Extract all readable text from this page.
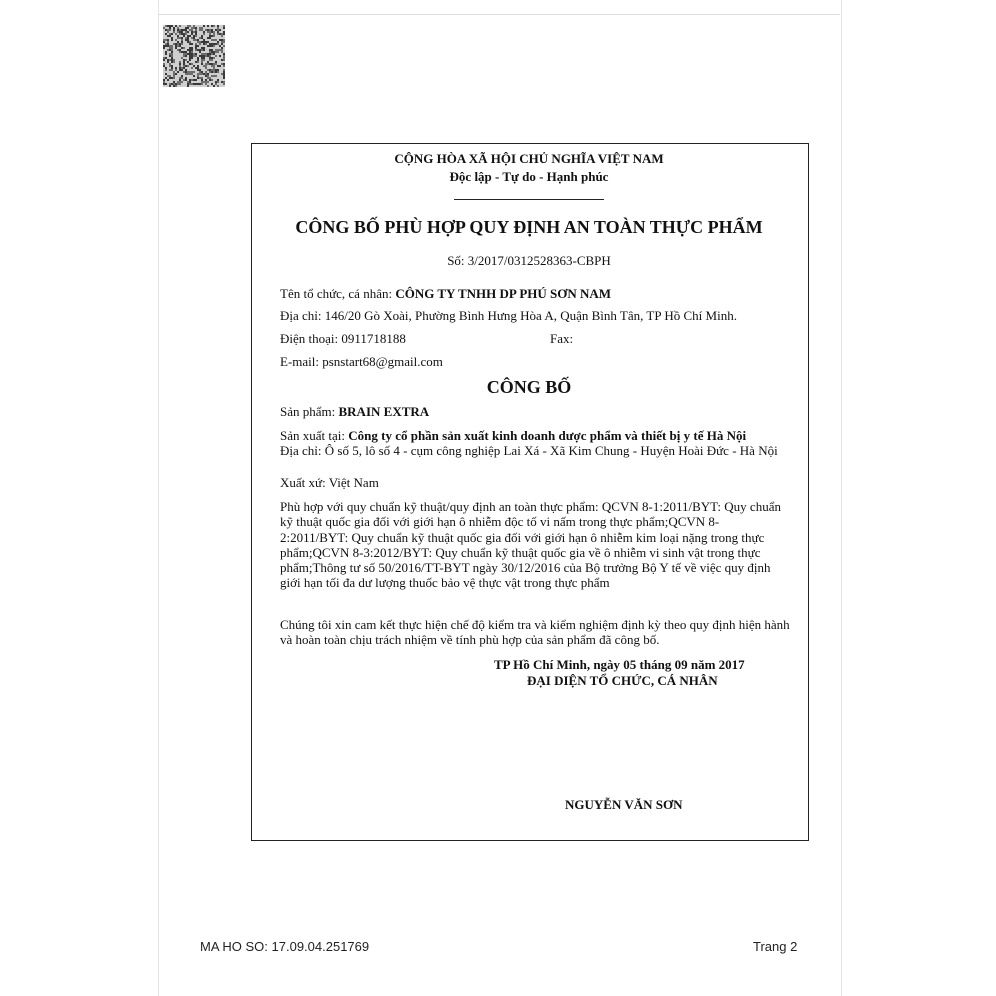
CỘNG HÒA XÃ HỘI CHỦ NGHĨA VIỆT NAM
Độc lập - Tự do - Hạnh phúc
CÔNG BỐ PHÙ HỢP QUY ĐỊNH AN TOÀN THỰC PHẨM
Số: 3/2017/0312528363-CBPH
Tên tổ chức, cá nhân: CÔNG TY TNHH DP PHÚ SƠN NAM
Địa chỉ: 146/20 Gò Xoài, Phường Bình Hưng Hòa A, Quận Bình Tân, TP Hồ Chí Minh.
Điện thoại: 0911718188	Fax:
E-mail: psnstart68@gmail.com
CÔNG BỐ
Sản phẩm: BRAIN EXTRA
Sản xuất tại: Công ty cổ phần sản xuất kinh doanh dược phẩm và thiết bị y tế Hà Nội
Địa chỉ: Ô số 5, lô số 4 - cụm công nghiệp Lai Xá - Xã Kim Chung - Huyện Hoài Đức - Hà Nội
Xuất xứ: Việt Nam
Phù hợp với quy chuẩn kỹ thuật/quy định an toàn thực phẩm: QCVN 8-1:2011/BYT: Quy chuẩn kỹ thuật quốc gia đối với giới hạn ô nhiễm độc tố vi nấm trong thực phẩm;QCVN 8-2:2011/BYT: Quy chuẩn kỹ thuật quốc gia đối với giới hạn ô nhiễm kim loại nặng trong thực phẩm;QCVN 8-3:2012/BYT: Quy chuẩn kỹ thuật quốc gia về ô nhiễm vi sinh vật trong thực phẩm;Thông tư số 50/2016/TT-BYT ngày 30/12/2016 của Bộ trưởng Bộ Y tế về việc quy định giới hạn tối đa dư lượng thuốc bảo vệ thực vật trong thực phẩm
Chúng tôi xin cam kết thực hiện chế độ kiểm tra và kiểm nghiệm định kỳ theo quy định hiện hành và hoàn toàn chịu trách nhiệm về tính phù hợp của sản phẩm đã công bố.
TP Hồ Chí Minh, ngày 05 tháng 09 năm 2017
ĐẠI DIỆN TỔ CHỨC, CÁ NHÂN
NGUYỄN VĂN SƠN
MA HO SO: 17.09.04.251769	Trang 2
